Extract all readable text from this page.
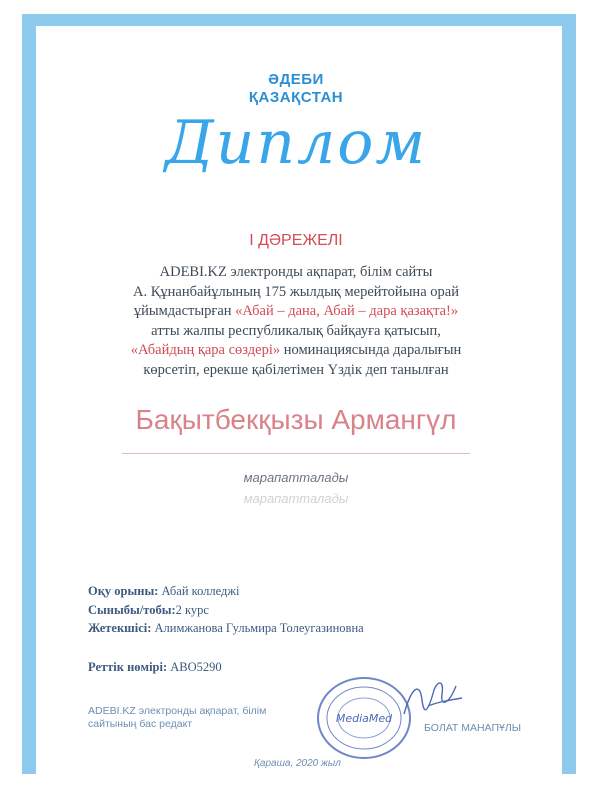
ӘДЕБИ
ҚАЗАҚСТАН
Диплом
I ДӘРЕЖЕЛІ
ADEBI.KZ электронды ақпарат, білім сайты
А. Құнанбайұлының 175 жылдық мерейтойына орай
ұйымдастырған «Абай – дана, Абай – дара қазақта!»
атты жалпы республикалық байқауға қатысып,
«Абайдың қара сөздері» номинациясында даралығын
көрсетіп, ерекше қабілетімен Үздік деп танылған
Бақытбекқызы Армангүл
марапатталады
марапатталады
Оқу орыны: Абай колледжі
Сыныбы/тобы:2 курс
Жетекшісі: Алимжанова Гульмира Толеугазиновна
Реттік нөмірі: ABO5290
ADEBI.KZ электронды ақпарат, білім
сайтының бас редакт	MediaMed
БОЛАТ МАНАПҰЛЫ
Қараша, 2020 жыл
